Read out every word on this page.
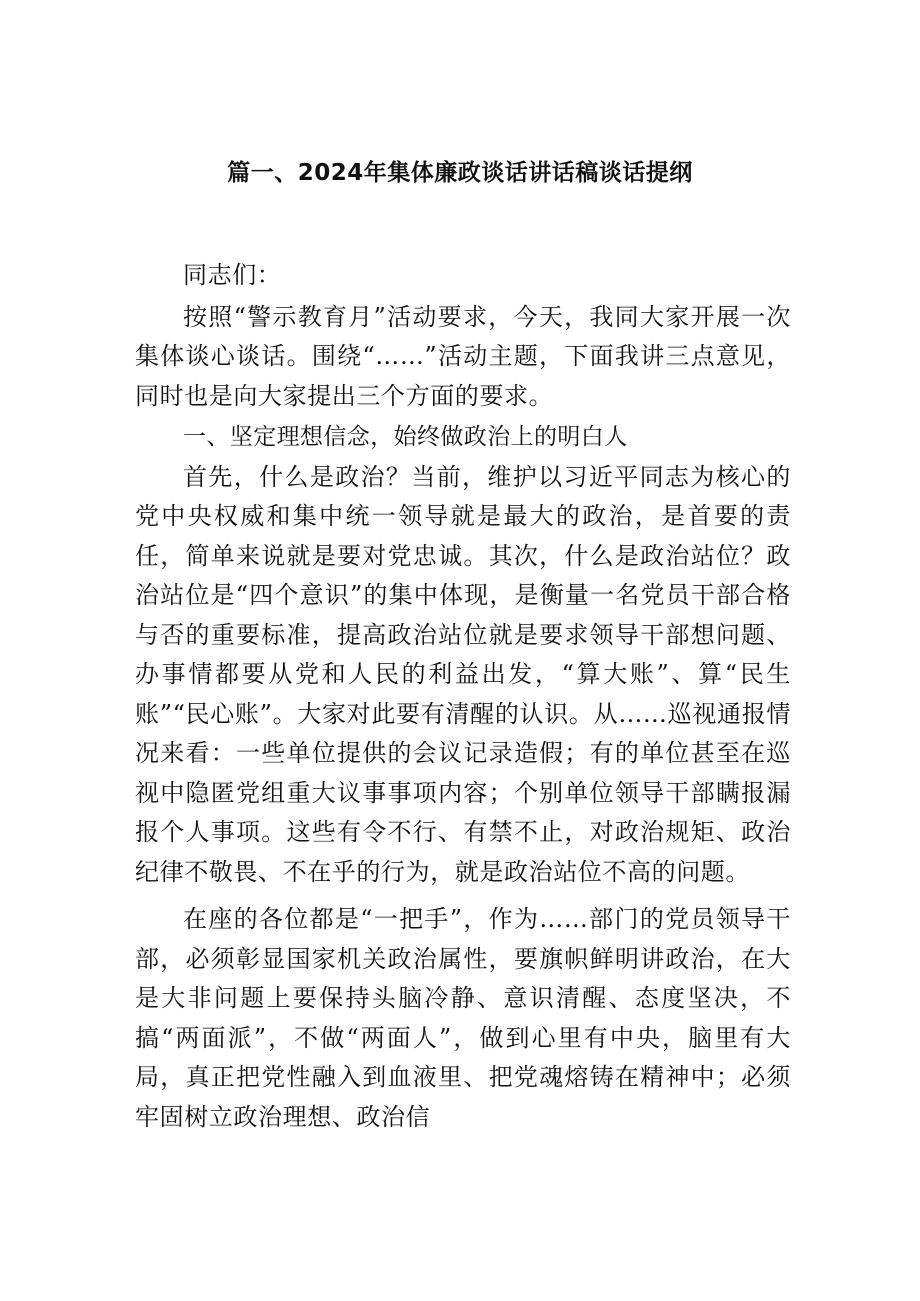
篇一、2024年集体廉政谈话讲话稿谈话提纲

同志们：

按照“警示教育月”活动要求，今天，我同大家开展一次集体谈心谈话。围绕“……”活动主题，下面我讲三点意见，同时也是向大家提出三个方面的要求。

一、坚定理想信念，始终做政治上的明白人

首先，什么是政治？当前，维护以习近平同志为核心的党中央权威和集中统一领导就是最大的政治，是首要的责任，简单来说就是要对党忠诚。其次，什么是政治站位？政治站位是“四个意识”的集中体现，是衡量一名党员干部合格与否的重要标准，提高政治站位就是要求领导干部想问题、办事情都要从党和人民的利益出发，“算大账”、算“民生账”“民心账”。大家对此要有清醒的认识。从……巡视通报情况来看：一些单位提供的会议记录造假；有的单位甚至在巡视中隐匿党组重大议事事项内容；个别单位领导干部瞒报漏报个人事项。这些有令不行、有禁不止，对政治规矩、政治纪律不敬畏、不在乎的行为，就是政治站位不高的问题。

在座的各位都是“一把手”，作为……部门的党员领导干部，必须彰显国家机关政治属性，要旗帜鲜明讲政治，在大是大非问题上要保持头脑冷静、意识清醒、态度坚决，不搞“两面派”，不做“两面人”，做到心里有中央，脑里有大局，真正把党性融入到血液里、把党魂熔铸在精神中；必须牢固树立政治理想、政治信
